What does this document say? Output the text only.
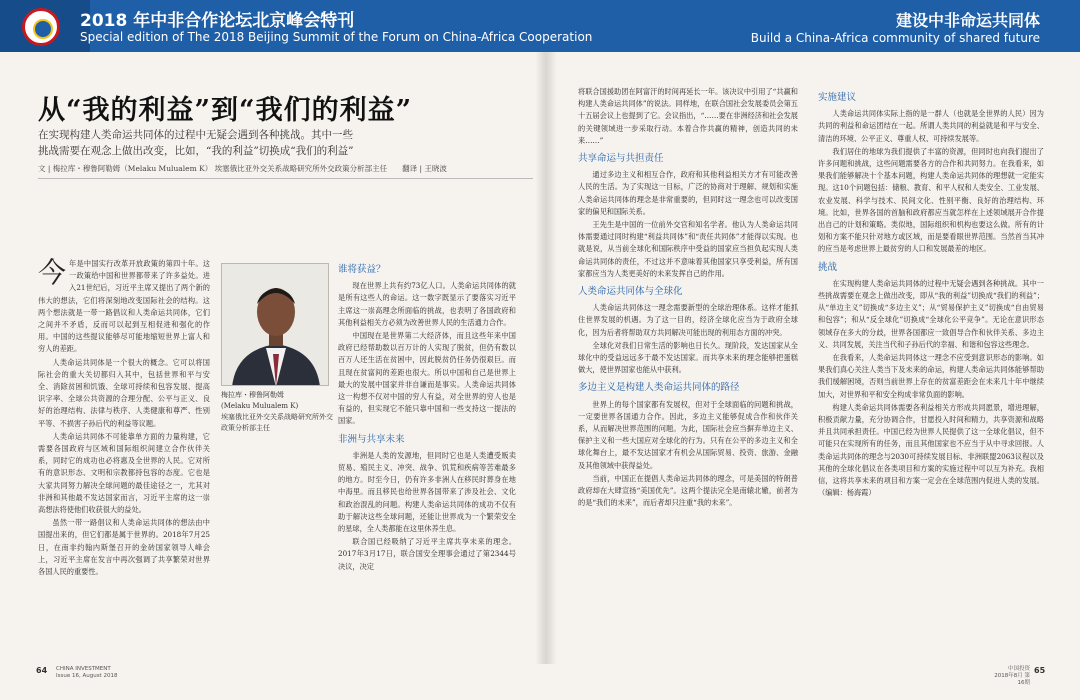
2018 年中非合作论坛北京峰会特刊
Special edition of The 2018 Beijing Summit of the Forum on China-Africa Cooperation
建设中非命运共同体
Build a China-Africa community of shared future
从“我的利益”到“我们的利益”
在实现构建人类命运共同体的过程中无疑会遇到各种挑战。其中一些挑战需要在观念上做出改变，比如，“我的利益”切换成“我们的利益”
文 | 梅拉库・穆鲁阿勒姆（Melaku Mulualem K） 埃塞俄比亚外交关系战略研究所外交政策分析部主任　　翻译 | 王晓波

今年是中国实行改革开放政策的第四十年。这一政策给中国和世界都带来了许多益处。进入21世纪后，习近平主席又提出了两个新的伟大的想法，它们将深刻地改变国际社会的结构。这两个想法就是一带一路倡议和人类命运共同体，它们之间并不矛盾，反而可以起到互相促进和强化的作用。中国的这些提议能够尽可能地缩短世界上富人和穷人的差距。

人类命运共同体是一个很大的概念。它可以将国际社会的重大关切都归入其中，包括世界和平与安全、消除贫困和饥饿、全球可持续和包容发展、提高识字率、全球公共资源的合理分配、公平与正义、良好的治理结构、法律与秩序、人类健康和尊严、性别平等、不损害子孙后代的利益等议题。

人类命运共同体不可能靠单方面的力量构建，它需要各国政府与区域和国际组织间建立合作伙伴关系，同时它的成功也必将惠及全世界的人民。它对所有的意识形态、文明和宗教都持包容的态度。它也是大家共同努力解决全球问题的最佳途径之一，尤其对非洲和其他最不发达国家而言，习近平主席的这一崇高想法将使他们收获很大的益处。

虽然一带一路倡议和人类命运共同体的想法由中国提出来的，但它们都是属于世界的。2018年7月25日，在南非约翰内斯堡召开的金砖国家领导人峰会上，习近平主席在发言中再次强调了共享繁荣对世界各国人民的重要性。

梅拉库・穆鲁阿勒姆
(Melaku Mulualem K)
埃塞俄比亚外交关系战略研究所外交政策分析部主任
谁将获益？

现在世界上共有约73亿人口。人类命运共同体的就是所有这些人的命运。这一数字既显示了要落实习近平主席这一崇高理念所面临的挑战，也表明了各国政府和其他利益相关方必须为改善世界人民的生活通力合作。

中国现在是世界第二大经济体，而且这些年来中国政府已经帮助数以百万计的人实现了脱贫，但仍有数以百万人还生活在贫困中，因此脱贫仍任务仍很艰巨。而且现在贫富间的差距也很大。所以中国和自己是世界上最大的发展中国家并非自谦而是事实。人类命运共同体这一构想不仅对中国的穷人有益，对全世界的穷人也是有益的，但实现它不能只靠中国和一些支持这一提法的国家。

非洲与共享未来

非洲是人类的发源地，但同时它也是人类遭受贩卖贸易、殖民主义、冲突、战争、饥荒和疾病等苦难最多的地方。时至今日，仍有许多非洲人在移民时葬身在地中海里。而且移民也给世界各国带来了涉及社会、文化和政治混乱的问题。构建人类命运共同体的成功不仅有助于解决这些全球问题，还能让世界成为一个繁荣安全的星球，全人类都能在这里休养生息。

联合国已经吸纳了习近平主席共享未来的理念。2017年3月17日，联合国安全理事会通过了第2344号决议，决定

将联合国援助团在阿富汗的时间再延长一年。该决议中引用了“共赢和构建人类命运共同体”的说法。同样地，在联合国社会发展委员会第五十五届会议上也提到了它。会议指出，“……要在非洲经济和社会发展的关键领域进一步采取行动。本着合作共赢的精神，创造共同的未来……”

共享命运与共担责任

通过多边主义和相互合作，政府和其他利益相关方才有可能改善人民的生活。为了实现这一目标，广泛的协商对于理解、规划和实施人类命运共同体的理念是非常重要的，但同时这一理念也可以改变国家的偏见和国际关系。

王先生是中国的一位前外交官和知名学者。他认为人类命运共同体需要通过同时构建“利益共同体”和“责任共同体”才能得以实现。也就是说，从当前全球化和国际秩序中受益的国家应当担负起实现人类命运共同体的责任，不过这并不意味着其他国家只享受利益，所有国家都应当为人类更美好的未来发挥自己的作用。

人类命运共同体与全球化

人类命运共同体这一理念需要新型的全球治理体系。这样才能抓住世界发展的机遇。为了这一目的，经济全球化应当为于政府全球化，因为后者将帮助双方共同解决可能出现的利用态方面的冲突。

全球化对我们日常生活的影响也日长久。现阶段，发达国家从全球化中的受益远远多于最不发达国家。而共享未来的理念能够把蛋糕做大，使世界国家也能从中获利。

多边主义是构建人类命运共同体的路径

世界上的每个国家都有发展权，但对于全球面临的问题和挑战，一定要世界各国通力合作。因此，多边主义能够促成合作和伙伴关系，从而解决世界范围的问题。为此，国际社会应当摒弃单边主义、保护主义和一些大国应对全球化的行为。只有在公平的多边主义和全球化舞台上，最不发达国家才有机会从国际贸易、投资、旅游、金融及其他领域中获得益处。

当前，中国正在提倡人类命运共同体的理念，可是美国的特朗普政府却在大肆宣扬“美国优先”。这两个提法完全是南辕北辙，前者为的是“我们的未来”，而后者却只注重“我的未来”。

实施建议

人类命运共同体实际上指的是一群人（也就是全世界的人民）因为共同的利益和命运团结在一起。所谓人类共同的利益就是和平与安全、清洁的环境、公平正义、尊重人权、可持续发展等。

我们居住的地球为我们提供了丰富的资源，但同时也向我们提出了许多问题和挑战，这些问题需要各方的合作和共同努力。在我看来，如果我们能够解决十个基本问题，构建人类命运共同体的理想就一定能实现。这10个问题包括：储粮、教育、和平人权和人类安全、工业发展、农业发展、科学与技术、民间文化、性别平衡、良好的治理结构、环境。比如，世界各国的首脑和政府都应当就怎样在上述领域展开合作提出自己的计划和策略。类似地，国际组织和机构也要这么做。所有的计划和方案不能只针对地方或区域，而是要看眼世界范围。当然首当其冲的应当是考虑世界上最贫穷的人口和发展最差的地区。

挑战

在实现构建人类命运共同体的过程中无疑会遇到各种挑战。其中一些挑战需要在观念上做出改变，即从“我的利益”切换成“我们的利益”；从“单边主义”切换成“多边主义”；从“贸易保护主义”切换成“自由贸易和包容”；和从“反全球化”切换成“全球化公平竞争”。无论在意识形态领域存在多大的分歧，世界各国都应一致倡导合作和伙伴关系、多边主义、共同发展，关注当代和子孙后代的幸福、和谐和包容这些理念。

在我看来，人类命运共同体这一理念不应受到意识形态的影响。如果我们真心关注人类当下及未来的命运，构建人类命运共同体能够帮助我们缓解困境，否则当前世界上存在的贫富差距会在未来几十年中继续加大，对世界和平和安全构成非常负面的影响。

构建人类命运共同体需要各利益相关方形成共同愿景，增进理解，积极贡献力量，充分协调合作，甘愿投入时间和精力，共享资源和战略并且共同承担责任。中国已经为世界人民提供了这一全球化倡议，但不可能只在实现所有的任务，而且其他国家也不应当于从中寻求回报。人类命运共同体的理念与2030可持续发展目标、非洲联盟2063议程以及其他的全球化倡议在各类项目和方案的实施过程中可以互为补充。我相信，这将共享未来的项目和方案一定会在全球范围内促进人类的发展。（编辑：杨海霞）

64 CHINA INVESTMENT
Issue 16, August 2018
中国投资
2018年8月 第16期
65
